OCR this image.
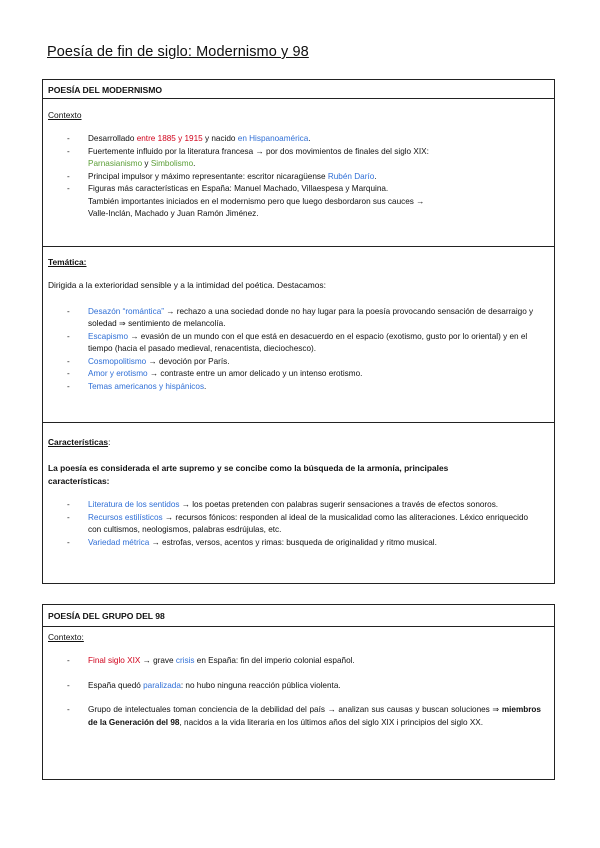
Poesía de fin de siglo: Modernismo y 98
POESÍA DEL MODERNISMO
Contexto
- Desarrollado entre 1885 y 1915 y nacido en Hispanoamérica.
- Fuertemente influido por la literatura francesa → por dos movimientos de finales del siglo XIX:
Parnasianismo y Simbolismo.
- Principal impulsor y máximo representante: escritor nicaragüense Rubén Darío.
- Figuras más características en España: Manuel Machado, Villaespesa y Marquina.
También importantes iniciados en el modernismo pero que luego desbordaron sus cauces →
Valle-Inclán, Machado y Juan Ramón Jiménez.
Temática:
Dirigida a la exterioridad sensible y a la intimidad del poética. Destacamos:
- Desazón “romántica” → rechazo a una sociedad donde no hay lugar para la poesía provocando sensación de desarraigo y soledad ⇒ sentimiento de melancolía.
- Escapismo → evasión de un mundo con el que está en desacuerdo en el espacio (exotismo, gusto por lo oriental) y en el tiempo (hacia el pasado medieval, renacentista, dieciochesco).
- Cosmopolitismo → devoción por París.
- Amor y erotismo → contraste entre un amor delicado y un intenso erotismo.
- Temas americanos y hispánicos.
Características:
La poesía es considerada el arte supremo y se concibe como la búsqueda de la armonía, principales características:
- Literatura de los sentidos → los poetas pretenden con palabras sugerir sensaciones a través de efectos sonoros.
- Recursos estilísticos → recursos fónicos: responden al ideal de la musicalidad como las aliteraciones. Léxico enriquecido con cultismos, neologismos, palabras esdrújulas, etc.
- Variedad métrica → estrofas, versos, acentos y rimas: busqueda de originalidad y ritmo musical.
POESÍA DEL GRUPO DEL 98
Contexto:
- Final siglo XIX → grave crisis en España: fin del imperio colonial español.
- España quedó paralizada: no hubo ninguna reacción pública violenta.
- Grupo de intelectuales toman conciencia de la debilidad del país → analizan sus causas y buscan soluciones ⇒ miembros de la Generación del 98, nacidos a la vida literaria en los últimos años del siglo XIX i principios del siglo XX.
